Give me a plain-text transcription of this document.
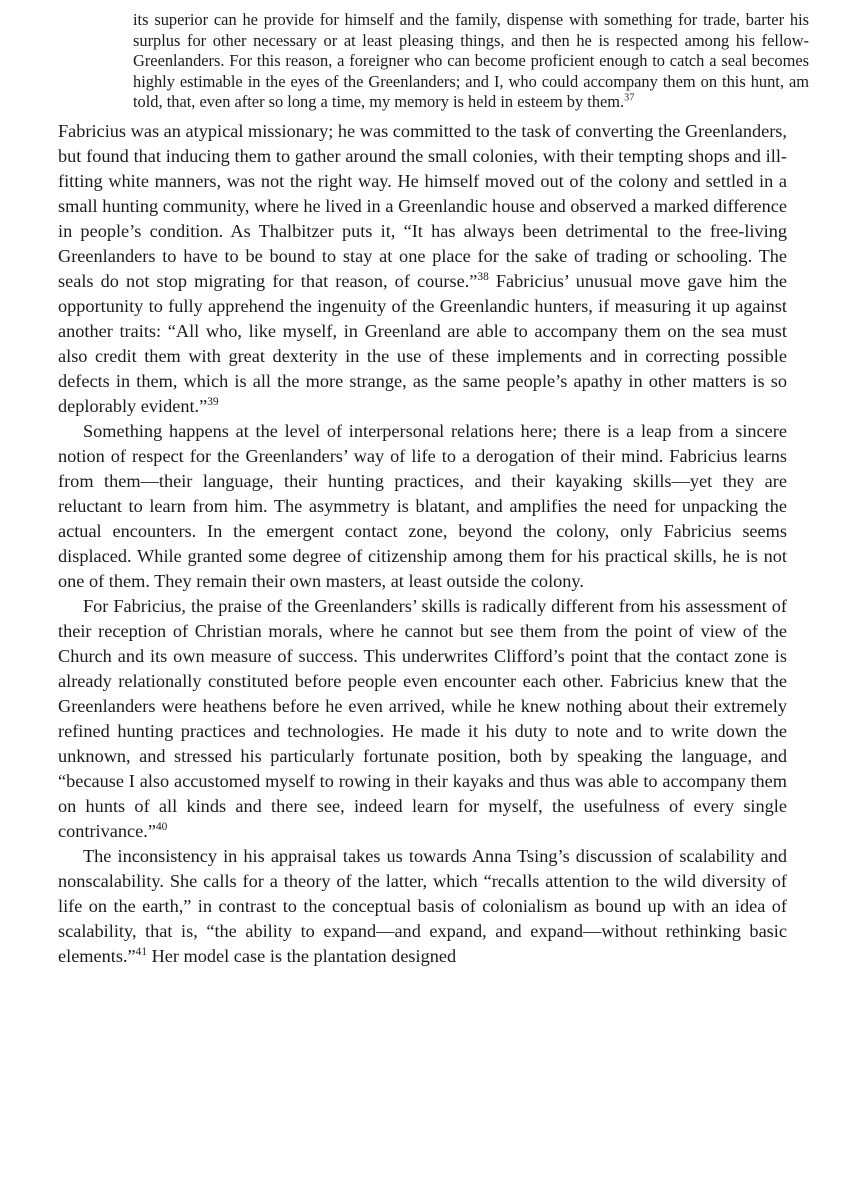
its superior can he provide for himself and the family, dispense with something for trade, barter his surplus for other necessary or at least pleasing things, and then he is respected among his fellow-Greenlanders. For this reason, a foreigner who can become proficient enough to catch a seal becomes highly estimable in the eyes of the Greenlanders; and I, who could accompany them on this hunt, am told, that, even after so long a time, my memory is held in esteem by them.$^{37}$

Fabricius was an atypical missionary; he was committed to the task of converting the Greenlanders, but found that inducing them to gather around the small colonies, with their tempting shops and ill-fitting white manners, was not the right way. He himself moved out of the colony and settled in a small hunting community, where he lived in a Greenlandic house and observed a marked difference in people’s condition. As Thalbitzer puts it, “It has always been detrimental to the free-living Greenlanders to have to be bound to stay at one place for the sake of trading or schooling. The seals do not stop migrating for that reason, of course.”$^{38}$ Fabricius’ unusual move gave him the opportunity to fully apprehend the ingenuity of the Greenlandic hunters, if measuring it up against another traits: “All who, like myself, in Greenland are able to accompany them on the sea must also credit them with great dexterity in the use of these implements and in correcting possible defects in them, which is all the more strange, as the same people’s apathy in other matters is so deplorably evident.”$^{39}$

Something happens at the level of interpersonal relations here; there is a leap from a sincere notion of respect for the Greenlanders’ way of life to a derogation of their mind. Fabricius learns from them—their language, their hunting practices, and their kayaking skills—yet they are reluctant to learn from him. The asymmetry is blatant, and amplifies the need for unpacking the actual encounters. In the emergent contact zone, beyond the colony, only Fabricius seems displaced. While granted some degree of citizenship among them for his practical skills, he is not one of them. They remain their own masters, at least outside the colony.

For Fabricius, the praise of the Greenlanders’ skills is radically different from his assessment of their reception of Christian morals, where he cannot but see them from the point of view of the Church and its own measure of success. This underwrites Clifford’s point that the contact zone is already relationally constituted before people even encounter each other. Fabricius knew that the Greenlanders were heathens before he even arrived, while he knew nothing about their extremely refined hunting practices and technologies. He made it his duty to note and to write down the unknown, and stressed his particularly fortunate position, both by speaking the language, and “because I also accustomed myself to rowing in their kayaks and thus was able to accompany them on hunts of all kinds and there see, indeed learn for myself, the usefulness of every single contrivance.”$^{40}$

The inconsistency in his appraisal takes us towards Anna Tsing’s discussion of scalability and nonscalability. She calls for a theory of the latter, which “recalls attention to the wild diversity of life on the earth,” in contrast to the conceptual basis of colonialism as bound up with an idea of scalability, that is, “the ability to expand—and expand, and expand—without rethinking basic elements.”$^{41}$ Her model case is the plantation designed
